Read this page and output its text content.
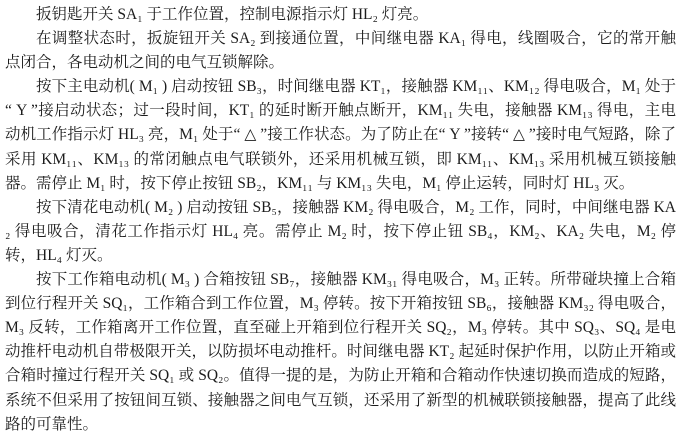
扳钥匙开关 SA₁ 于工作位置，控制电源指示灯 HL₂ 灯亮。

在调整状态时，扳旋钮开关 SA₂ 到接通位置，中间继电器 KA₁ 得电，线圈吸合，它的常开触点闭合，各电动机之间的电气互锁解除。

按下主电动机( M₁ ) 启动按钮 SB₃，时间继电器 KT₁，接触器 KM₁₁、KM₁₂ 得电吸合，M₁ 处于“ Y ”接启动状态；过一段时间，KT₁ 的延时断开触点断开，KM₁₁ 失电，接触器 KM₁₃ 得电，主电动机工作指示灯 HL₃ 亮，M₁ 处于“ △ ”接工作状态。为了防止在“ Y ”接转“ △ ”接时电气短路，除了采用 KM₁₁、KM₁₃ 的常闭触点电气联锁外，还采用机械互锁，即 KM₁₁、KM₁₃ 采用机械互锁接触器。需停止 M₁ 时，按下停止按钮 SB₂，KM₁₁ 与 KM₁₃ 失电，M₁ 停止运转，同时灯 HL₃ 灭。

按下清花电动机( M₂ ) 启动按钮 SB₅，接触器 KM₂ 得电吸合，M₂ 工作，同时，中间继电器 KA₂ 得电吸合，清花工作指示灯 HL₄ 亮。需停止 M₂ 时，按下停止钮 SB₄，KM₂、KA₂ 失电，M₂ 停转，HL₄ 灯灭。

按下工作箱电动机( M₃ ) 合箱按钮 SB₇，接触器 KM₃₁ 得电吸合，M₃ 正转。所带碰块撞上合箱到位行程开关 SQ₁，工作箱合到工作位置，M₃ 停转。按下开箱按钮 SB₆，接触器 KM₃₂ 得电吸合，M₃ 反转，工作箱离开工作位置，直至碰上开箱到位行程开关 SQ₂，M₃ 停转。其中 SQ₃、SQ₄ 是电动推杆电动机自带极限开关，以防损坏电动推杆。时间继电器 KT₂ 起延时保护作用，以防止开箱或合箱时撞过行程开关 SQ₁ 或 SQ₂。值得一提的是，为防止开箱和合箱动作快速切换而造成的短路，系统不但采用了按钮间互锁、接触器之间电气互锁，还采用了新型的机械联锁接触器，提高了此线路的可靠性。
